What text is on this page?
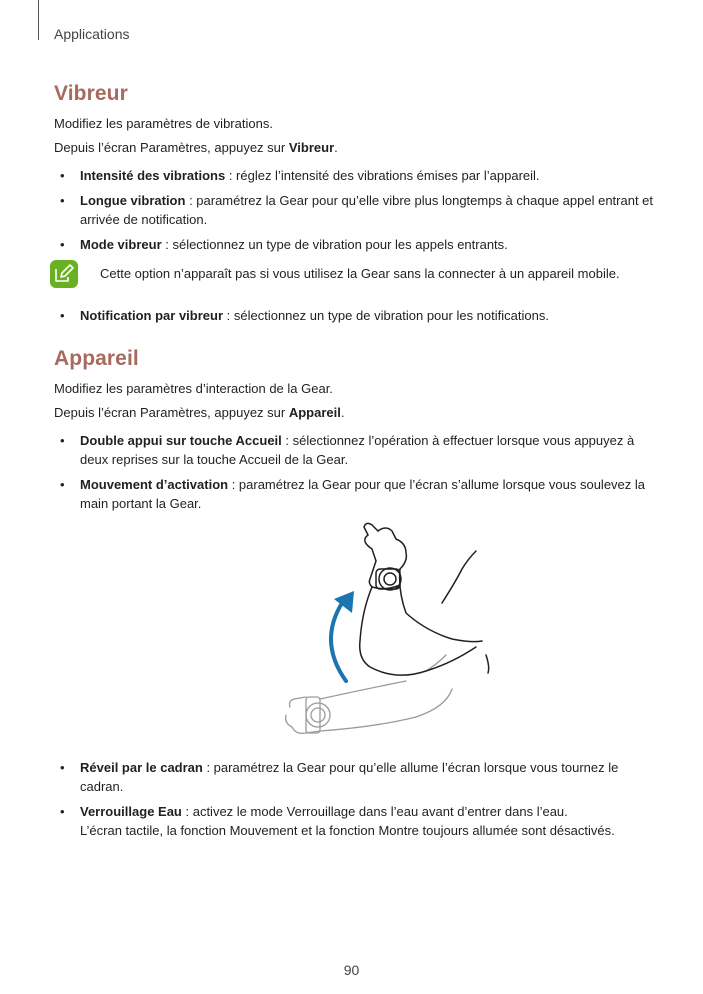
Applications
Vibreur

Modifiez les paramètres de vibrations.

Depuis l’écran Paramètres, appuyez sur Vibreur.

• Intensité des vibrations : réglez l’intensité des vibrations émises par l’appareil.
• Longue vibration : paramétrez la Gear pour qu’elle vibre plus longtemps à chaque appel entrant et arrivée de notification.
• Mode vibreur : sélectionnez un type de vibration pour les appels entrants.
Cette option n’apparaît pas si vous utilisez la Gear sans la connecter à un appareil mobile.
• Notification par vibreur : sélectionnez un type de vibration pour les notifications.
Appareil

Modifiez les paramètres d’interaction de la Gear.

Depuis l’écran Paramètres, appuyez sur Appareil.

• Double appui sur touche Accueil : sélectionnez l’opération à effectuer lorsque vous appuyez à deux reprises sur la touche Accueil de la Gear.
• Mouvement d’activation : paramétrez la Gear pour que l’écran s’allume lorsque vous soulevez la main portant la Gear.
• Réveil par le cadran : paramétrez la Gear pour qu’elle allume l’écran lorsque vous tournez le cadran.
• Verrouillage Eau : activez le mode Verrouillage dans l’eau avant d’entrer dans l’eau.
L’écran tactile, la fonction Mouvement et la fonction Montre toujours allumée sont désactivés.
90
